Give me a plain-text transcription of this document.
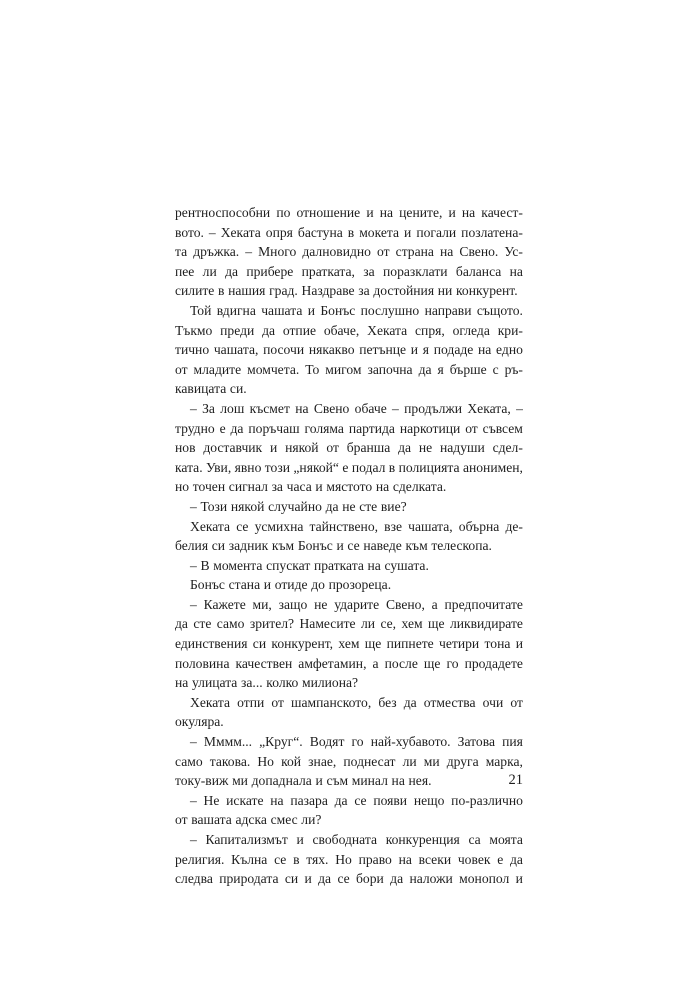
рентноспособни по отношение и на цените, и на качест-
вото. – Хеката опря бастуна в мокета и погали позлатена-
та дръжка. – Много далновидно от страна на Свено. Ус-
пее ли да прибере пратката, за поразклати баланса на
силите в нашия град. Наздраве за достойния ни конкурент.
Той вдигна чашата и Бонъс послушно направи същото.
Тъкмо преди да отпие обаче, Хеката спря, огледа кри-
тично чашата, посочи някакво петънце и я подаде на едно
от младите момчета. То мигом започна да я бърше с ръ-
кавицата си.
– За лош късмет на Свено обаче – продължи Хеката, –
трудно е да поръчаш голяма партида наркотици от съвсем
нов доставчик и някой от бранша да не надуши сдел-
ката. Уви, явно този „някой“ е подал в полицията анонимен,
но точен сигнал за часа и мястото на сделката.
– Този някой случайно да не сте вие?
Хеката се усмихна тайнствено, взе чашата, обърна де-
белия си задник към Бонъс и се наведе към телескопа.
– В момента спускат пратката на сушата.
Бонъс стана и отиде до прозореца.
– Кажете ми, защо не ударите Свено, а предпочитате
да сте само зрител? Намесите ли се, хем ще ликвидирате
единствения си конкурент, хем ще пипнете четири тона и
половина качествен амфетамин, а после ще го продадете
на улицата за... колко милиона?
Хеката отпи от шампанското, без да отмества очи от
окуляра.
– Мммм... „Круг“. Водят го най-хубавото. Затова пия
само такова. Но кой знае, поднесат ли ми друга марка,
току-виж ми допаднала и съм минал на нея.
– Не искате на пазара да се появи нещо по-различно
от вашата адска смес ли?
– Капитализмът и свободната конкуренция са моята
религия. Кълна се в тях. Но право на всеки човек е да
следва природата си и да се бори да наложи монопол и
21
